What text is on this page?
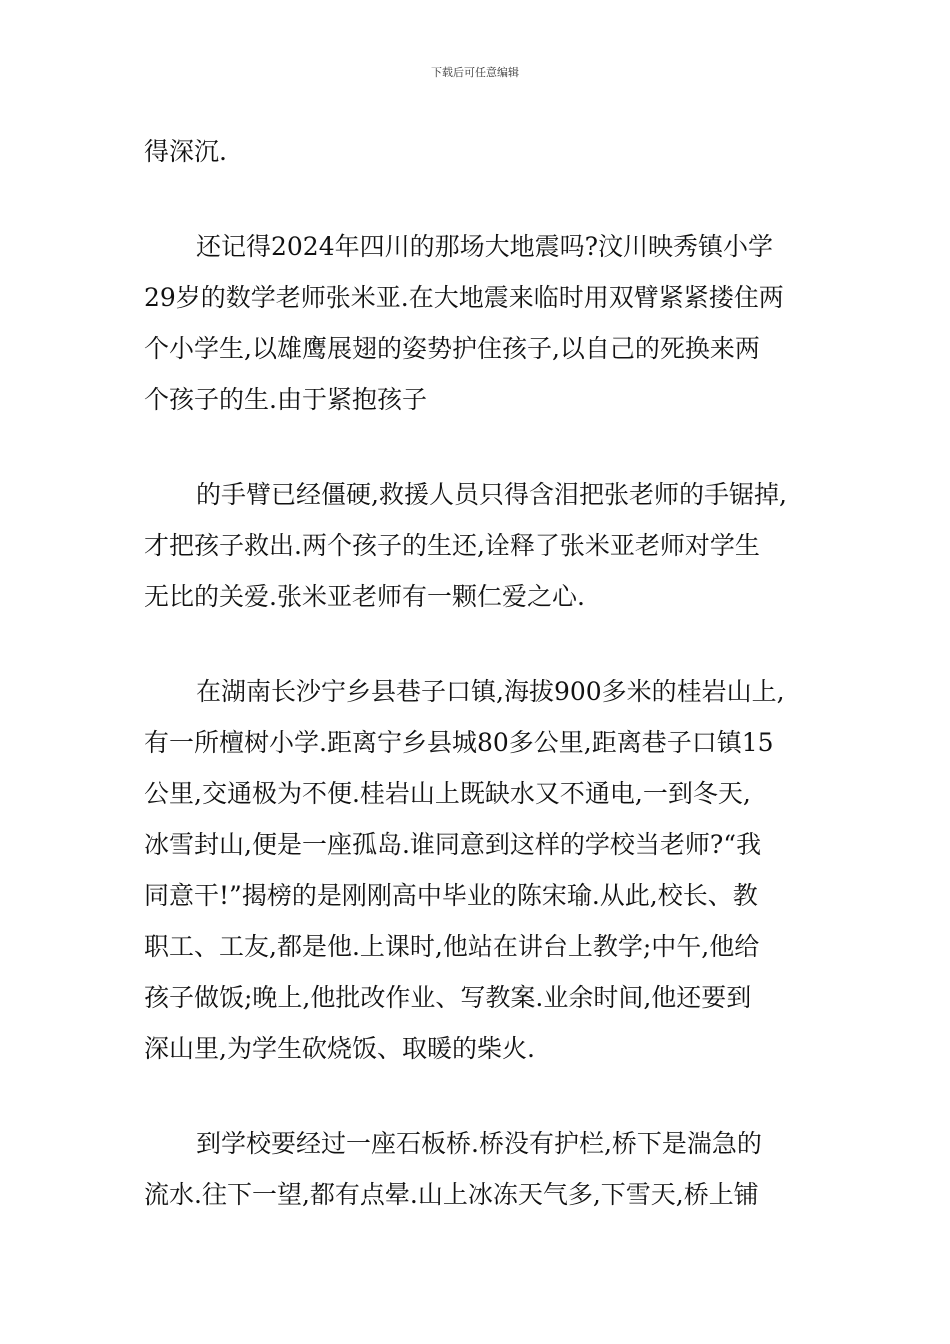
下载后可任意编辑
得深沉.
还记得2024年四川的那场大地震吗?汶川映秀镇小学
29岁的数学老师张米亚.在大地震来临时用双臂紧紧搂住两
个小学生,以雄鹰展翅的姿势护住孩子,以自己的死换来两
个孩子的生.由于紧抱孩子
的手臂已经僵硬,救援人员只得含泪把张老师的手锯掉,
才把孩子救出.两个孩子的生还,诠释了张米亚老师对学生
无比的关爱.张米亚老师有一颗仁爱之心.
在湖南长沙宁乡县巷子口镇,海拔900多米的桂岩山上,
有一所檀树小学.距离宁乡县城80多公里,距离巷子口镇15
公里,交通极为不便.桂岩山上既缺水又不通电,一到冬天,
冰雪封山,便是一座孤岛.谁同意到这样的学校当老师?“我
同意干!”揭榜的是刚刚高中毕业的陈宋瑜.从此,校长、教
职工、工友,都是他.上课时,他站在讲台上教学;中午,他给
孩子做饭;晚上,他批改作业、写教案.业余时间,他还要到
深山里,为学生砍烧饭、取暖的柴火.
到学校要经过一座石板桥.桥没有护栏,桥下是湍急的
流水.往下一望,都有点晕.山上冰冻天气多,下雪天,桥上铺
